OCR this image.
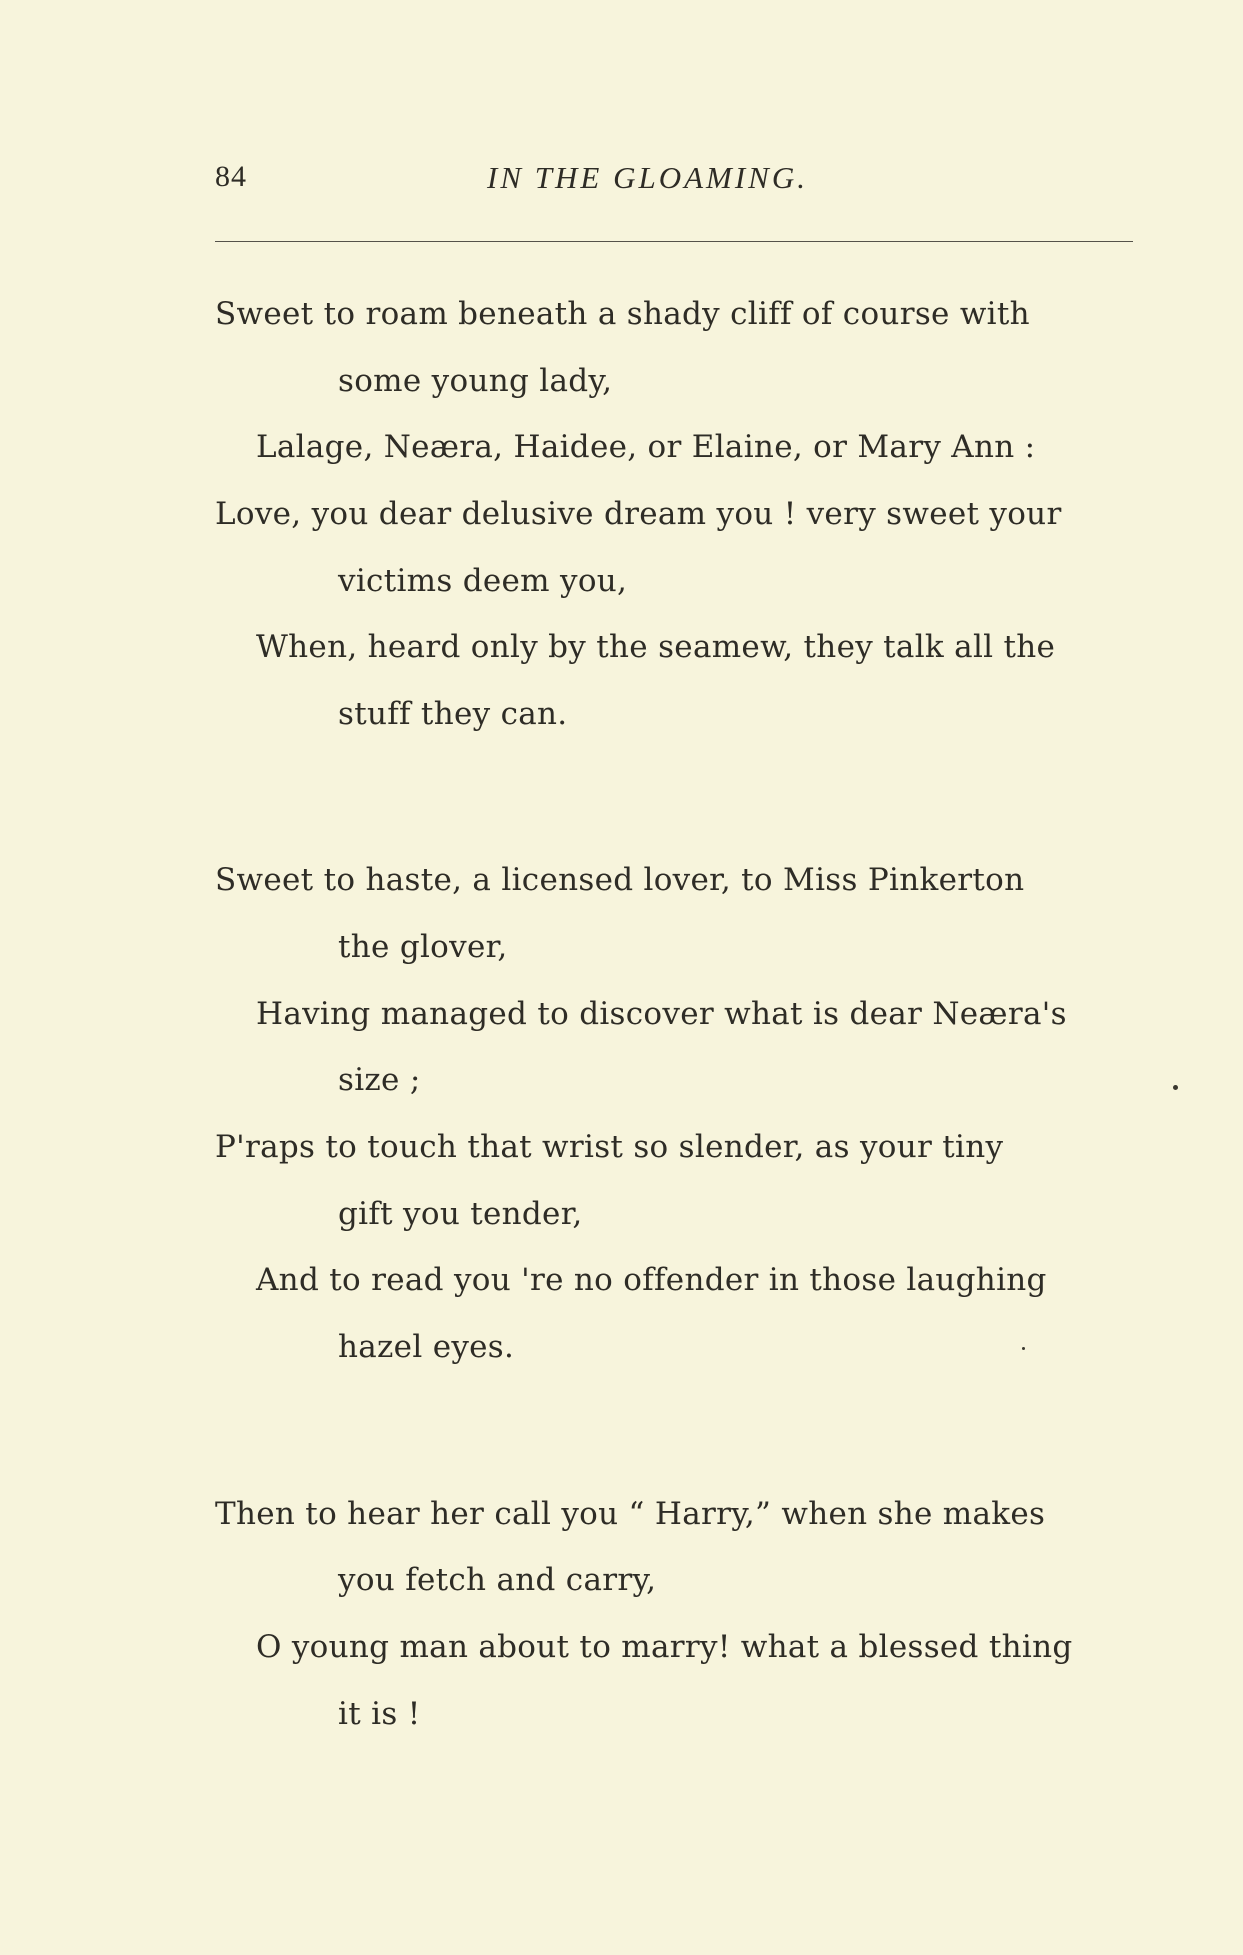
84	IN THE GLOAMING.
Sweet to roam beneath a shady cliff of course with
some young lady,
Lalage, Neæra, Haidee, or Elaine, or Mary Ann :
Love, you dear delusive dream you ! very sweet your
victims deem you,
When, heard only by the seamew, they talk all the
stuff they can.
Sweet to haste, a licensed lover, to Miss Pinkerton
the glover,
Having managed to discover what is dear Neæra's
size ;
P'raps to touch that wrist so slender, as your tiny
gift you tender,
And to read you 're no offender in those laughing
hazel eyes.
Then to hear her call you “ Harry,” when she makes
you fetch and carry,
O young man about to marry! what a blessed thing
it is !
